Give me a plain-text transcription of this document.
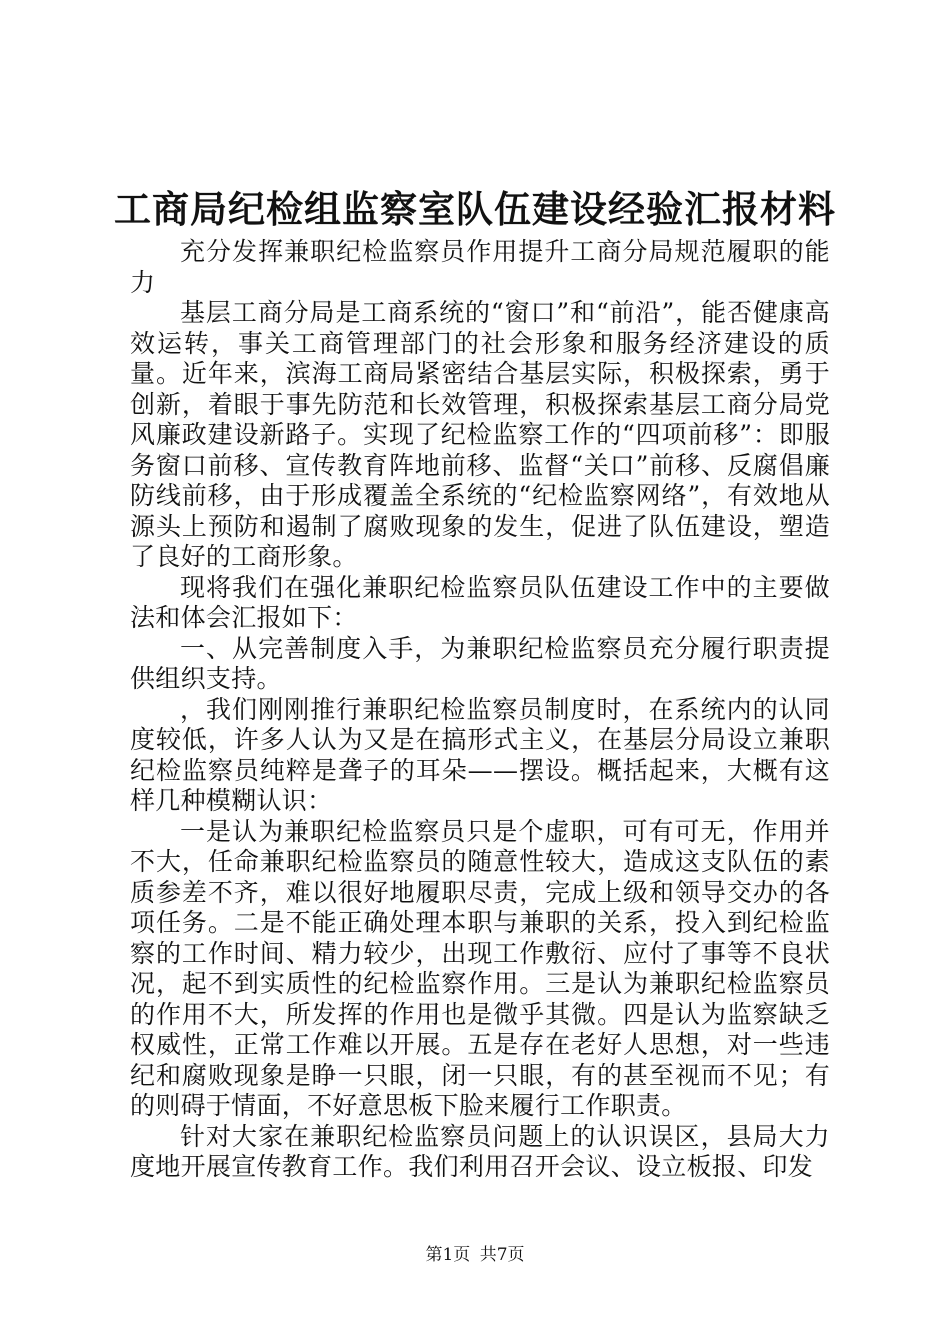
工商局纪检组监察室队伍建设经验汇报材料

充分发挥兼职纪检监察员作用提升工商分局规范履职的能力

基层工商分局是工商系统的“窗口”和“前沿”，能否健康高效运转，事关工商管理部门的社会形象和服务经济建设的质量。近年来，滨海工商局紧密结合基层实际，积极探索，勇于创新，着眼于事先防范和长效管理，积极探索基层工商分局党风廉政建设新路子。实现了纪检监察工作的“四项前移”：即服务窗口前移、宣传教育阵地前移、监督“关口”前移、反腐倡廉防线前移，由于形成覆盖全系统的“纪检监察网络”，有效地从源头上预防和遏制了腐败现象的发生，促进了队伍建设，塑造了良好的工商形象。

现将我们在强化兼职纪检监察员队伍建设工作中的主要做法和体会汇报如下：

一、从完善制度入手，为兼职纪检监察员充分履行职责提供组织支持。

，我们刚刚推行兼职纪检监察员制度时，在系统内的认同度较低，许多人认为又是在搞形式主义，在基层分局设立兼职纪检监察员纯粹是聋子的耳朵——摆设。概括起来，大概有这样几种模糊认识：

一是认为兼职纪检监察员只是个虚职，可有可无，作用并不大，任命兼职纪检监察员的随意性较大，造成这支队伍的素质参差不齐，难以很好地履职尽责，完成上级和领导交办的各项任务。二是不能正确处理本职与兼职的关系，投入到纪检监察的工作时间、精力较少，出现工作敷衍、应付了事等不良状况，起不到实质性的纪检监察作用。三是认为兼职纪检监察员的作用不大，所发挥的作用也是微乎其微。四是认为监察缺乏权威性，正常工作难以开展。五是存在老好人思想，对一些违纪和腐败现象是睁一只眼，闭一只眼，有的甚至视而不见；有的则碍于情面，不好意思板下脸来履行工作职责。

针对大家在兼职纪检监察员问题上的认识误区，县局大力度地开展宣传教育工作。我们利用召开会议、设立板报、印发

第1页 共7页
